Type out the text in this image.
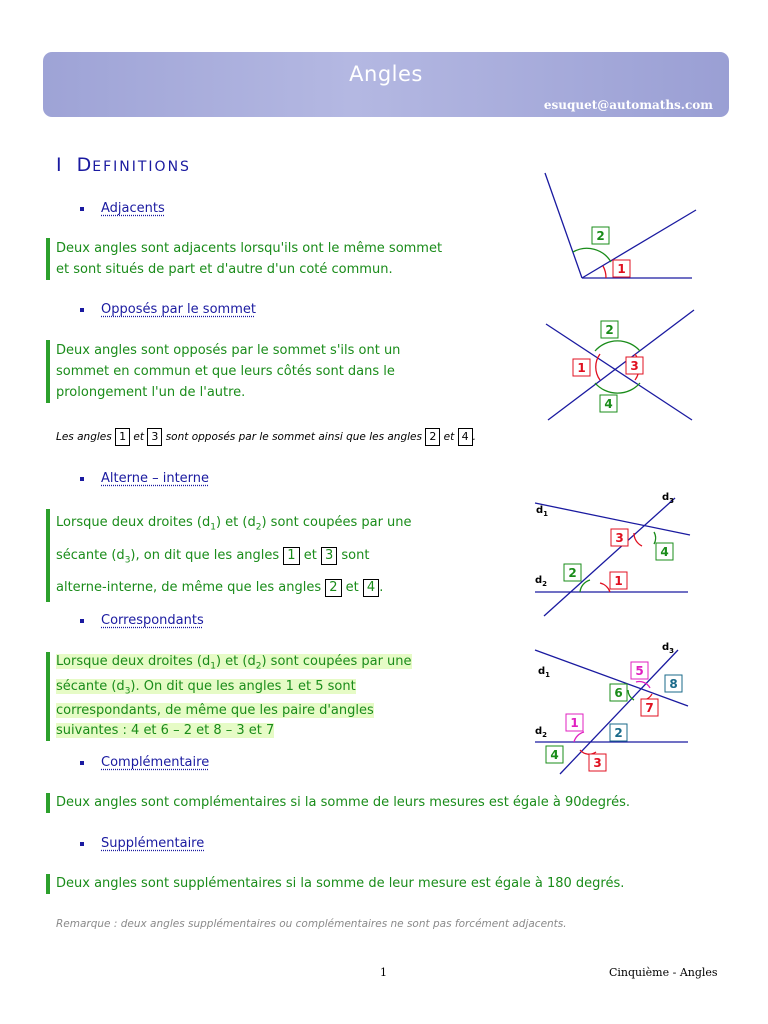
Angles
esuquet@automaths.com
I DEFINITIONS
Adjacents
Deux angles sont adjacents lorsqu'ils ont le même sommet
et sont situés de part et d'autre d'un coté commun.
Opposés par le sommet
Deux angles sont opposés par le sommet s'ils ont un
sommet en commun et que leurs côtés sont dans le
prolongement l'un de l'autre.
Les angles 1 et 3 sont opposés par le sommet ainsi que les angles 2 et 4 .
Alterne – interne
Lorsque deux droites $(d_1)$ et $(d_2)$ sont coupées par une
sécante $(d_3)$, on dit que les angles 1 et 3 sont
alterne-interne, de même que les angles 2 et 4 .
Correspondants
Lorsque deux droites $(d_1)$ et $(d_2)$ sont coupées par une
sécante $(d_3)$. On dit que les angles 1 et 5 sont
correspondants, de même que les paire d'angles
suivantes : 4 et 6 – 2 et 8 – 3 et 7
Complémentaire
Deux angles sont complémentaires si la somme de leurs mesures est égale à 90degrés.
Supplémentaire
Deux angles sont supplémentaires si la somme de leur mesure est égale à 180 degrés.
Remarque : deux angles supplémentaires ou complémentaires ne sont pas forcément adjacents.
1	Cinquième - Angles
2
1
2
1	3
4
$d_1$
$d_2$
$d_3$
3
4
2
1
$d_1$
$d_2$
$d_3$
5
8
6
7
1
2
4
3
